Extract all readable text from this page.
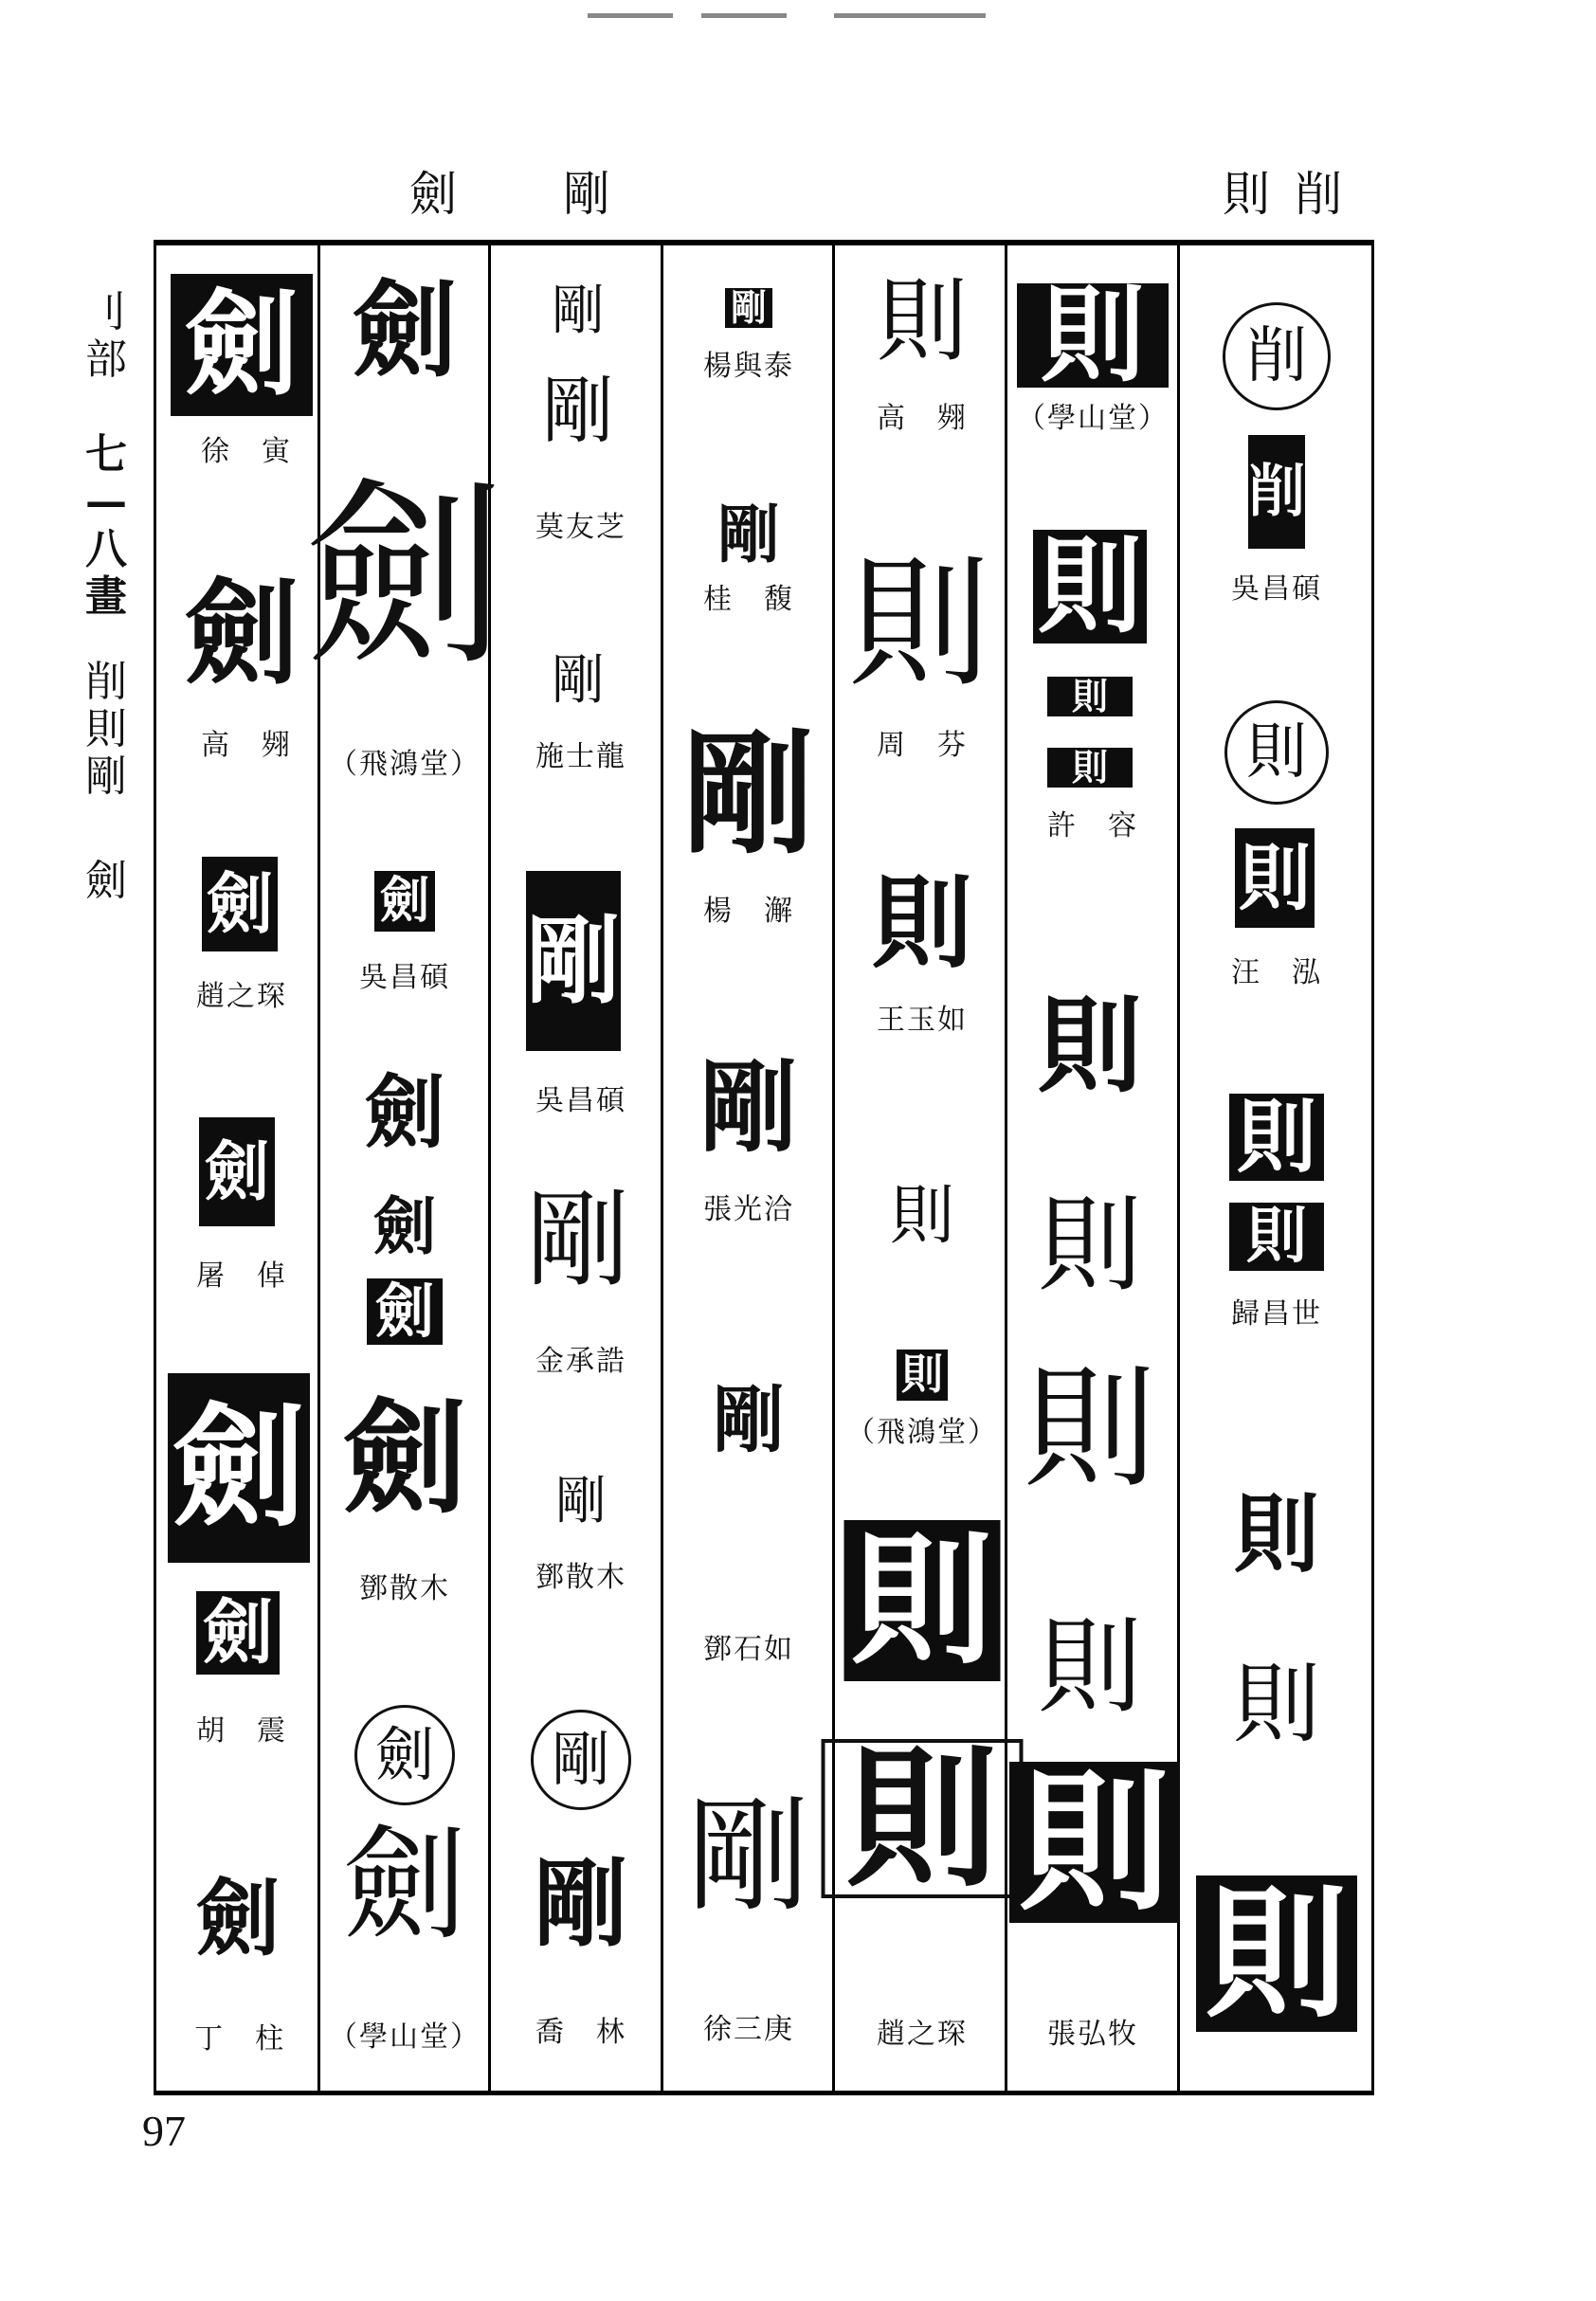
劍 剛	則 削
刂
部
七
—
八
畫
削
則
剛
劍
劍
徐　寅
劍
高　翙
劍
趙之琛
劍
屠　倬
劍
劍
胡　震
劍
丁　柱
劍
劍
（飛鴻堂）
劍
吳昌碩
劍
劍
劍
劍
鄧散木
劍
劍
（學山堂）
剛
剛
莫友芝
剛
施士龍
剛
吳昌碩
剛
金承誥
剛
鄧散木
剛
剛
喬　林
剛
楊與泰
剛
桂　馥
剛
楊　澥
剛
張光洽
剛
鄧石如
剛
徐三庚
則
高　翙
則
周　芬
則
王玉如
則
則
（飛鴻堂）
則
則
趙之琛
則
（學山堂）
則
則
則
許　容
則
則
則
則
則
張弘牧
削
削
吳昌碩
則
則
汪　泓
則
則
歸昌世
則
則
則
97
